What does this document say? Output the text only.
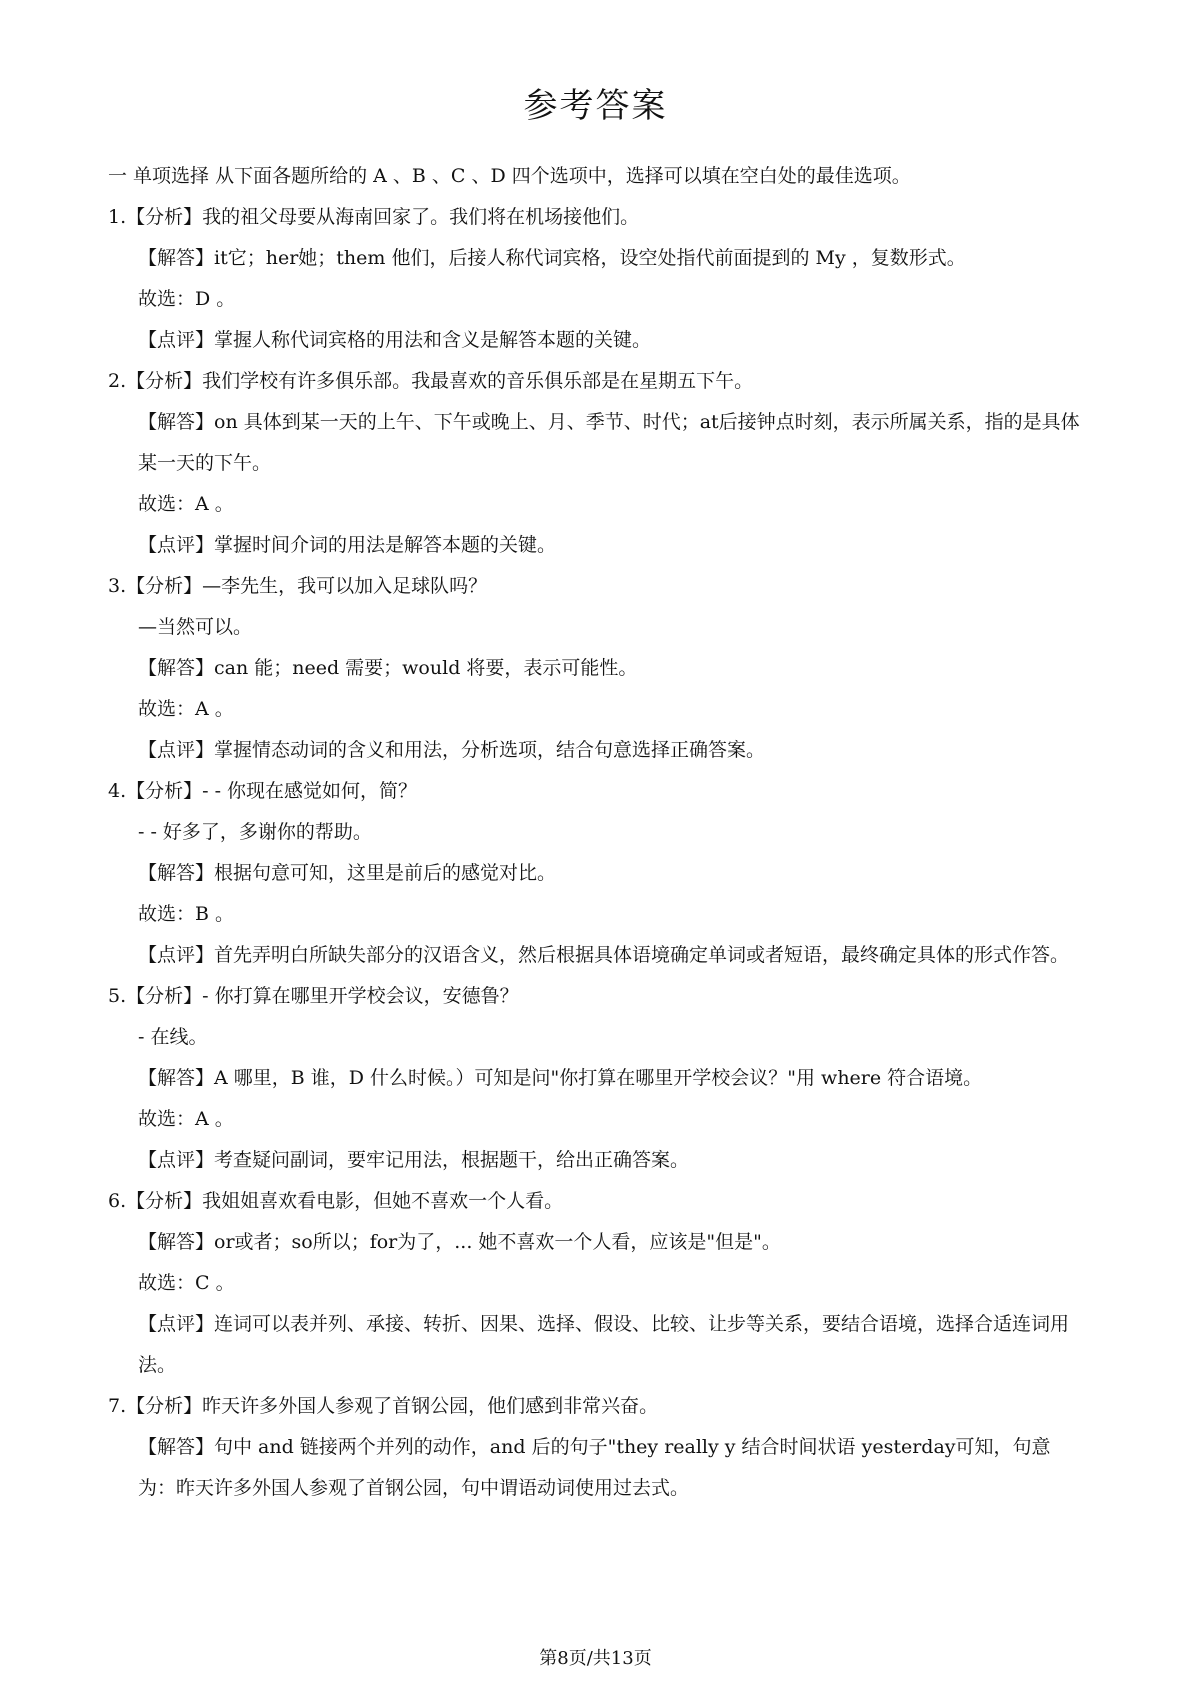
参考答案
一 单项选择 从下面各题所给的 A 、B 、C 、D 四个选项中，选择可以填在空白处的最佳选项。
1.【分析】我的祖父母要从海南回家了。我们将在机场接他们。
【解答】it它；her她；them 他们，后接人称代词宾格，设空处指代前面提到的 My ，复数形式。
故选：D 。
【点评】掌握人称代词宾格的用法和含义是解答本题的关键。
2.【分析】我们学校有许多俱乐部。我最喜欢的音乐俱乐部是在星期五下午。
【解答】on 具体到某一天的上午、下午或晚上、月、季节、时代；at后接钟点时刻，表示所属关系，指的是具体某一天的下午。
故选：A 。
【点评】掌握时间介词的用法是解答本题的关键。
3.【分析】—李先生，我可以加入足球队吗？
—当然可以。
【解答】can 能；need 需要；would 将要，表示可能性。
故选：A 。
【点评】掌握情态动词的含义和用法，分析选项，结合句意选择正确答案。
4.【分析】- - 你现在感觉如何，简？
- - 好多了，多谢你的帮助。
【解答】根据句意可知，这里是前后的感觉对比。
故选：B 。
【点评】首先弄明白所缺失部分的汉语含义，然后根据具体语境确定单词或者短语，最终确定具体的形式作答。
5.【分析】- 你打算在哪里开学校会议，安德鲁？
- 在线。
【解答】A 哪里，B 谁，D 什么时候。）可知是问"你打算在哪里开学校会议？"用 where 符合语境。
故选：A 。
【点评】考查疑问副词，要牢记用法，根据题干，给出正确答案。
6.【分析】我姐姐喜欢看电影，但她不喜欢一个人看。
【解答】or或者；so所以；for为了，... 她不喜欢一个人看，应该是"但是"。
故选：C 。
【点评】连词可以表并列、承接、转折、因果、选择、假设、比较、让步等关系，要结合语境，选择合适连词用法。
7.【分析】昨天许多外国人参观了首钢公园，他们感到非常兴奋。
【解答】句中 and 链接两个并列的动作，and 后的句子"they really y 结合时间状语 yesterday可知，句意为：昨天许多外国人参观了首钢公园，句中谓语动词使用过去式。
第8页/共13页
